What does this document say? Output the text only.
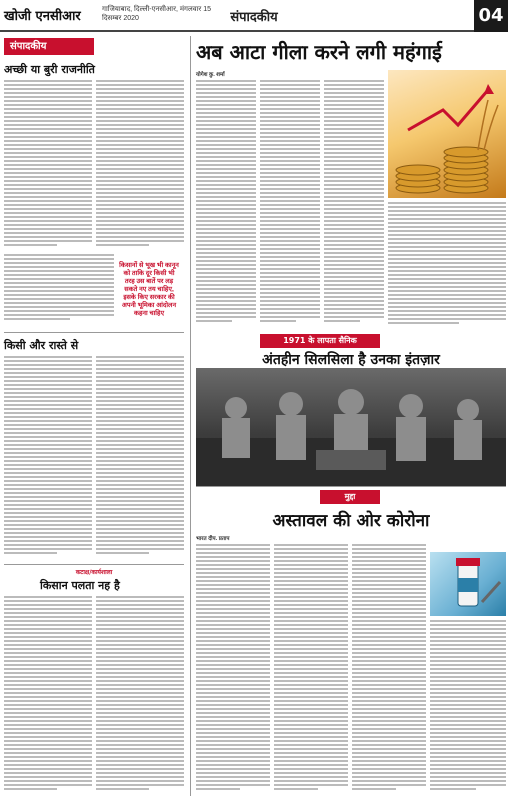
खोजी एनसीआर	गाजियाबाद, दिल्ली-एनसीआर, मंगलवार 15 दिसम्बर 2020	संपादकीय	04
संपादकीय
अच्छी या बुरी राजनीति
किसानों से भूख भी कानून को ताकि दूर किसी भी तरह उस बातें पर लड़ सकते नए तय चाहिए, इसके किए सरकार की अपनी भूमिका आंदोलन कहना चाहिए
किसी और रास्ते से
कटाक्ष/कार्यशाला
किसान पलता नह है
अब आटा गीला करने लगी महंगाई
योगेश कु. शर्मा
1971 के लापता सैनिक
अंतहीन सिलसिला है उनका इंतज़ार
मुद्दा
अस्तावल की ओर कोरोना
भारत दीप. प्रताप
